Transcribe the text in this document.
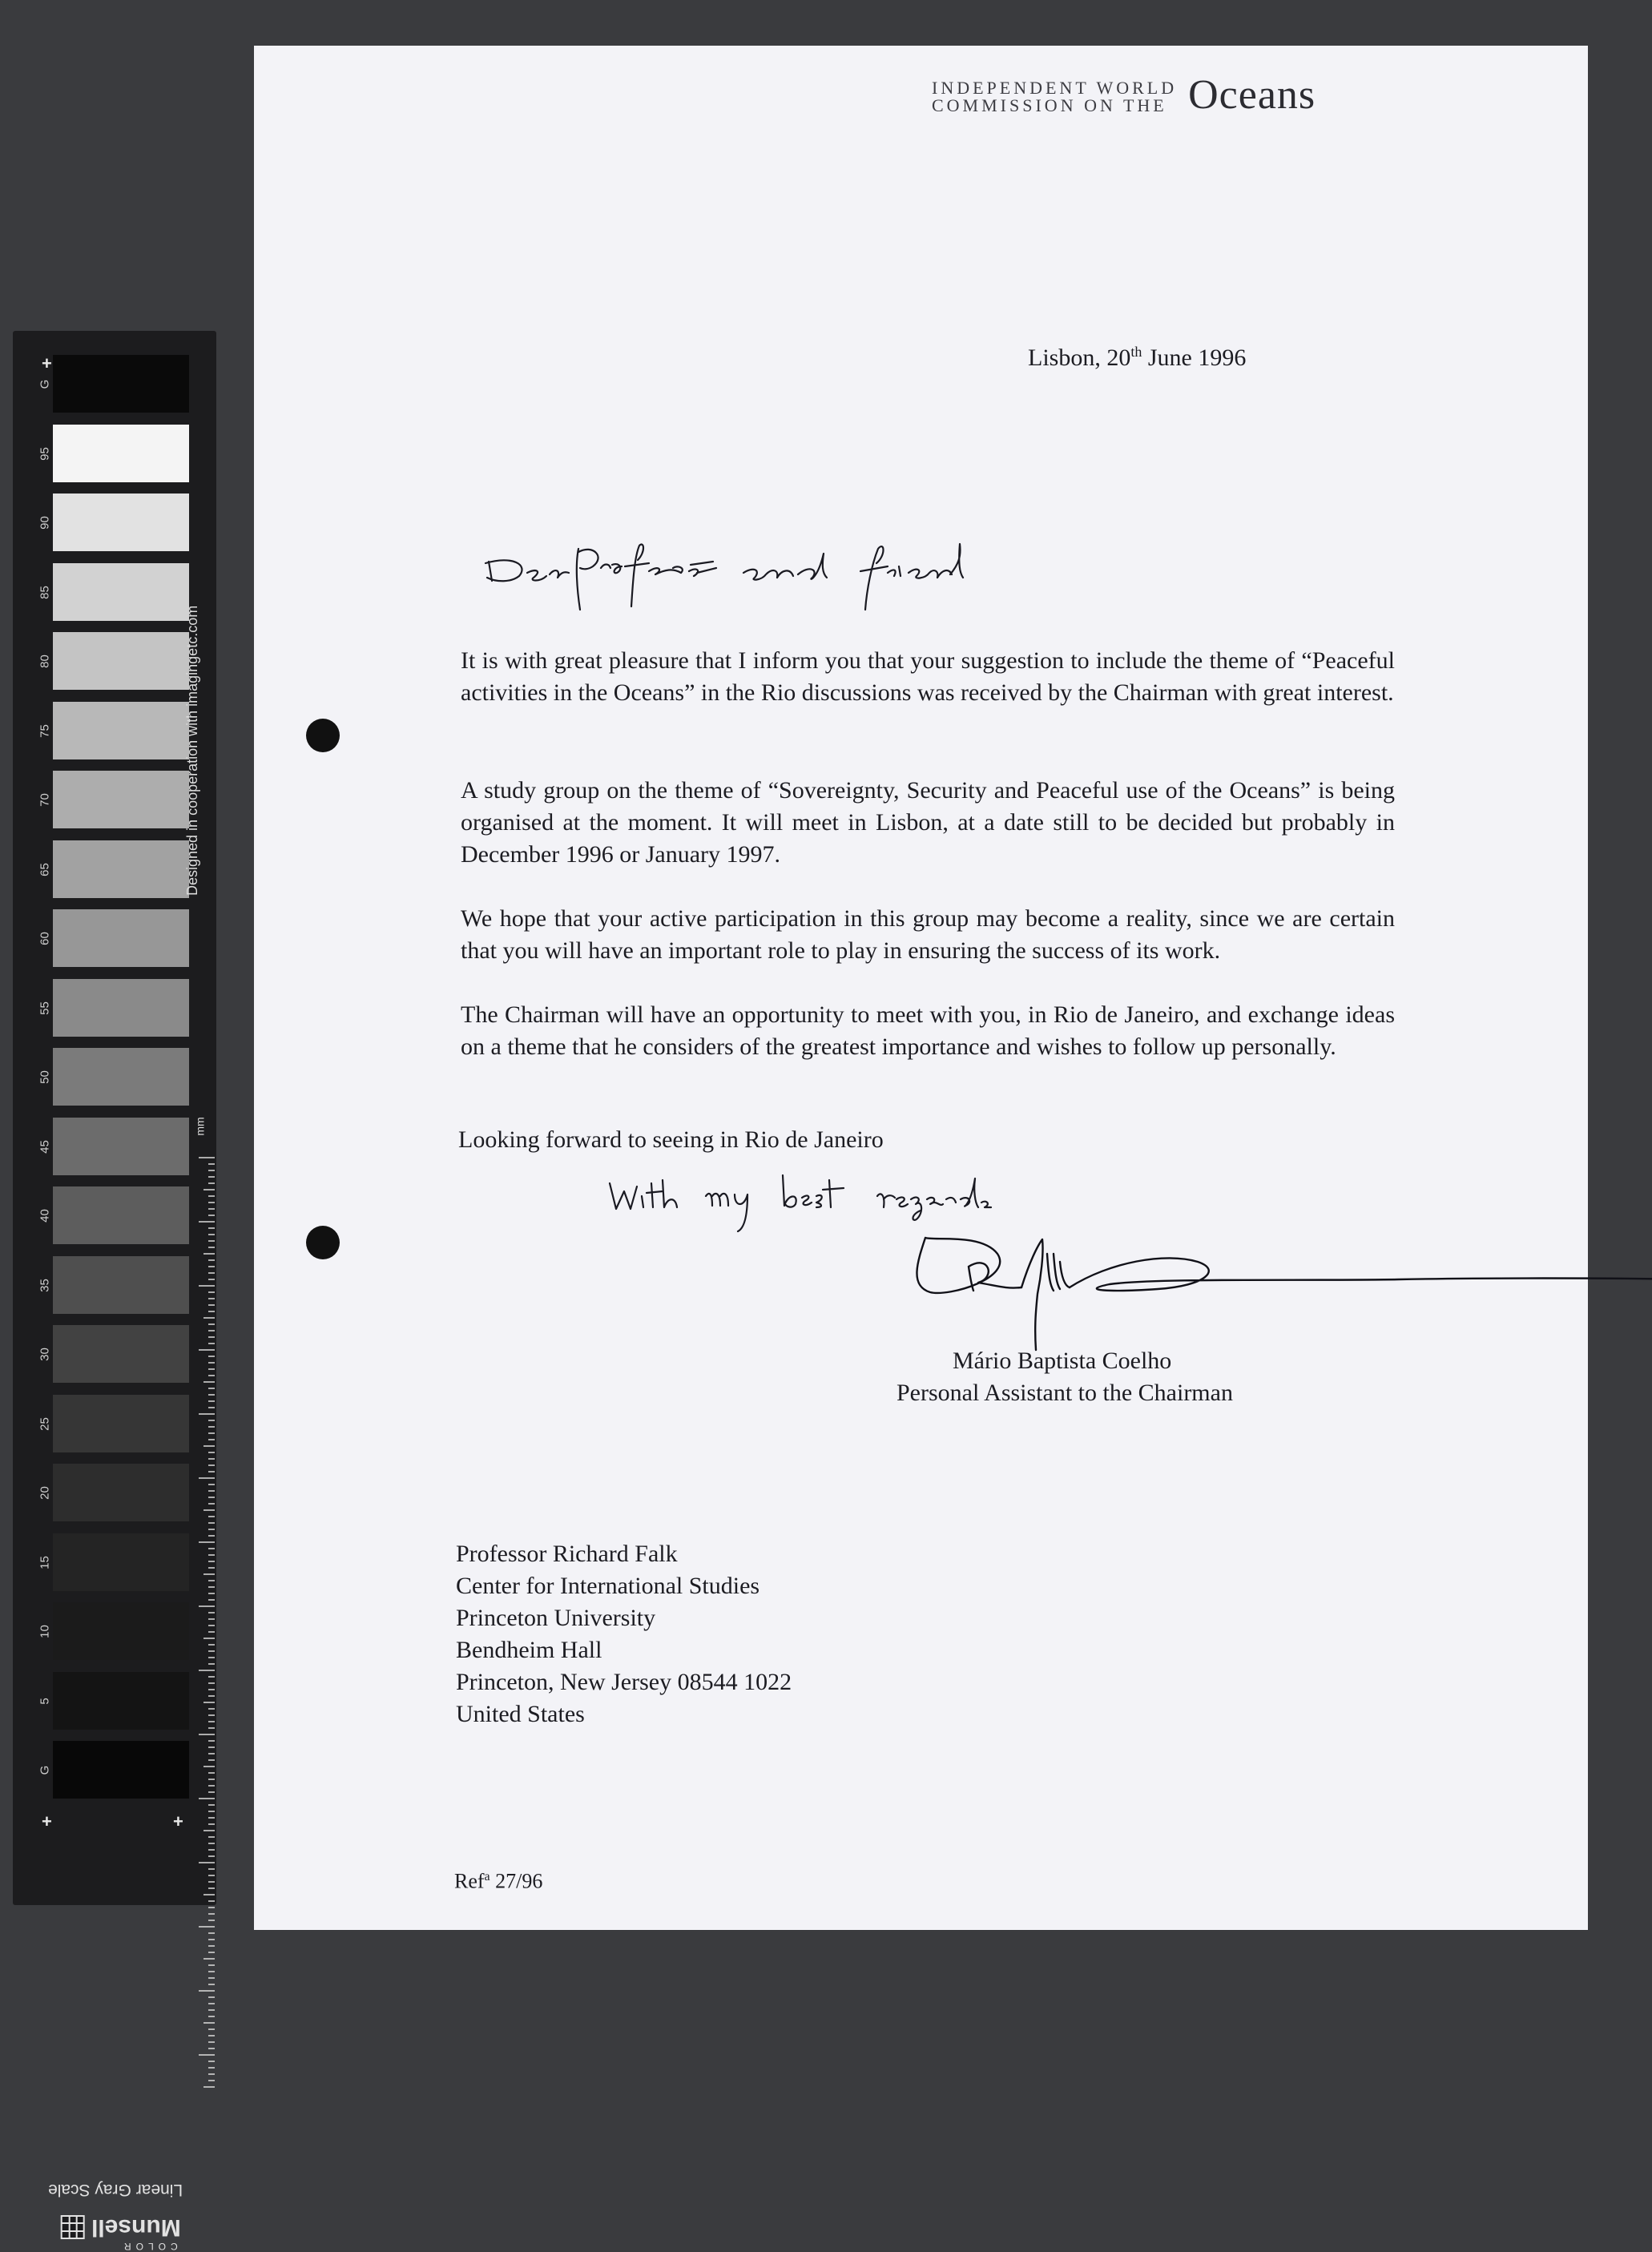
+
+	+
G
95
90
85
80
75
70
65
60
55
50
45
40
35
30
25
20
15
10
5
G
Designed in cooperation with imagingetc.com
mm
Linear Gray Scale
Munsell
COLOR
INDEPENDENT WORLD
COMMISSION ON THE Oceans
Lisbon, 20th June 1996
It is with great pleasure that I inform you that your suggestion to include the theme of “Peaceful activities in the Oceans” in the Rio discussions was received by the Chairman with great interest.
A study group on the theme of “Sovereignty, Security and Peaceful use of the Oceans” is being organised at the moment. It will meet in Lisbon, at a date still to be decided but probably in December 1996 or January 1997.
We hope that your active participation in this group may become a reality, since we are certain that you will have an important role to play in ensuring the success of its work.
The Chairman will have an opportunity to meet with you, in Rio de Janeiro, and exchange ideas on a theme that he considers of the greatest importance and wishes to follow up personally.
Looking forward to seeing in Rio de Janeiro
Mário Baptista Coelho
Personal Assistant to the Chairman
Professor Richard Falk
Center for International Studies
Princeton University
Bendheim Hall
Princeton, New Jersey 08544 1022
United States
Ref$^a$ 27/96
